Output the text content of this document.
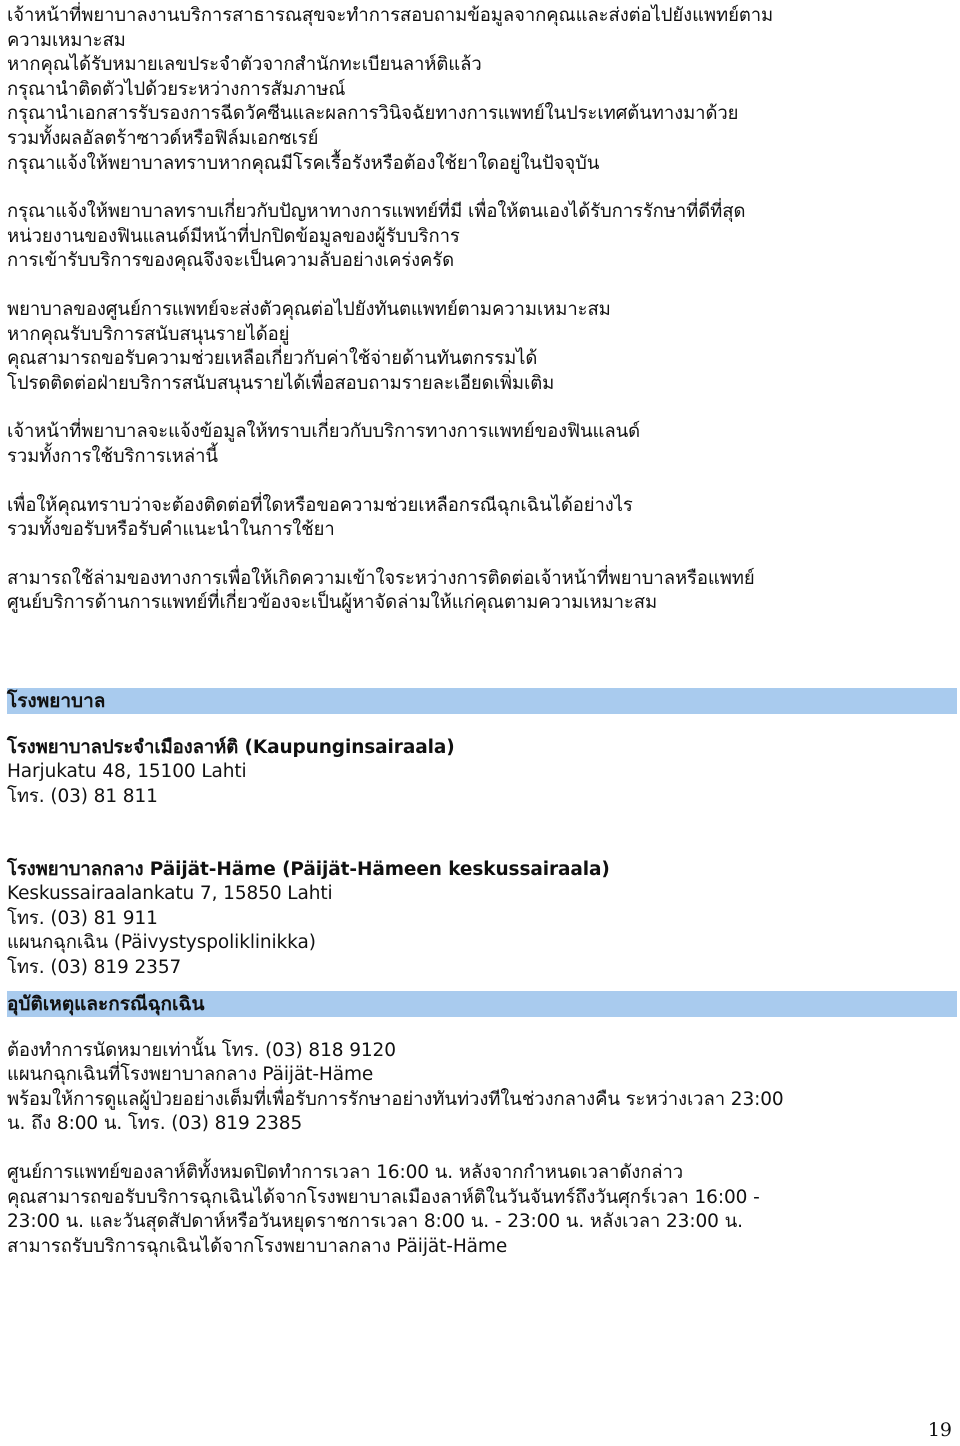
เจ้าหน้าที่พยาบาลงานบริการสาธารณสุขจะทำการสอบถามข้อมูลจากคุณและส่งต่อไปยังแพทย์ตาม
ความเหมาะสม
หากคุณได้รับหมายเลขประจำตัวจากสำนักทะเบียนลาห์ติแล้ว
กรุณานำติดตัวไปด้วยระหว่างการสัมภาษณ์
กรุณานำเอกสารรับรองการฉีดวัคซีนและผลการวินิจฉัยทางการแพทย์ในประเทศต้นทางมาด้วย
รวมทั้งผลอัลตร้าซาวด์หรือฟิล์มเอกซเรย์
กรุณาแจ้งให้พยาบาลทราบหากคุณมีโรคเรื้อรังหรือต้องใช้ยาใดอยู่ในปัจจุบัน
กรุณาแจ้งให้พยาบาลทราบเกี่ยวกับปัญหาทางการแพทย์ที่มี เพื่อให้ตนเองได้รับการรักษาที่ดีที่สุด
หน่วยงานของฟินแลนด์มีหน้าที่ปกปิดข้อมูลของผู้รับบริการ
การเข้ารับบริการของคุณจึงจะเป็นความลับอย่างเคร่งครัด
พยาบาลของศูนย์การแพทย์จะส่งตัวคุณต่อไปยังทันตแพทย์ตามความเหมาะสม
หากคุณรับบริการสนับสนุนรายได้อยู่
คุณสามารถขอรับความช่วยเหลือเกี่ยวกับค่าใช้จ่ายด้านทันตกรรมได้
โปรดติดต่อฝ่ายบริการสนับสนุนรายได้เพื่อสอบถามรายละเอียดเพิ่มเติม
เจ้าหน้าที่พยาบาลจะแจ้งข้อมูลให้ทราบเกี่ยวกับบริการทางการแพทย์ของฟินแลนด์
รวมทั้งการใช้บริการเหล่านี้
เพื่อให้คุณทราบว่าจะต้องติดต่อที่ใดหรือขอความช่วยเหลือกรณีฉุกเฉินได้อย่างไร
รวมทั้งขอรับหรือรับคำแนะนำในการใช้ยา
สามารถใช้ล่ามของทางการเพื่อให้เกิดความเข้าใจระหว่างการติดต่อเจ้าหน้าที่พยาบาลหรือแพทย์
ศูนย์บริการด้านการแพทย์ที่เกี่ยวข้องจะเป็นผู้หาจัดล่ามให้แก่คุณตามความเหมาะสม
โรงพยาบาล
โรงพยาบาลประจำเมืองลาห์ติ (Kaupunginsairaala)
Harjukatu 48, 15100 Lahti
โทร. (03) 81 811
โรงพยาบาลกลาง Päijät-Häme (Päijät-Hämeen keskussairaala)
Keskussairaalankatu 7, 15850 Lahti
โทร. (03) 81 911
แผนกฉุกเฉิน (Päivystyspoliklinikka)
โทร. (03) 819 2357
อุบัติเหตุและกรณีฉุกเฉิน
ต้องทำการนัดหมายเท่านั้น โทร. (03) 818 9120
แผนกฉุกเฉินที่โรงพยาบาลกลาง Päijät-Häme
พร้อมให้การดูแลผู้ป่วยอย่างเต็มที่เพื่อรับการรักษาอย่างทันท่วงทีในช่วงกลางคืน ระหว่างเวลา 23:00
น. ถึง 8:00 น. โทร. (03) 819 2385
ศูนย์การแพทย์ของลาห์ติทั้งหมดปิดทำการเวลา 16:00 น. หลังจากกำหนดเวลาดังกล่าว
คุณสามารถขอรับบริการฉุกเฉินได้จากโรงพยาบาลเมืองลาห์ติในวันจันทร์ถึงวันศุกร์เวลา 16:00 -
23:00 น. และวันสุดสัปดาห์หรือวันหยุดราชการเวลา 8:00 น. - 23:00 น. หลังเวลา 23:00 น.
สามารถรับบริการฉุกเฉินได้จากโรงพยาบาลกลาง Päijät-Häme
19
